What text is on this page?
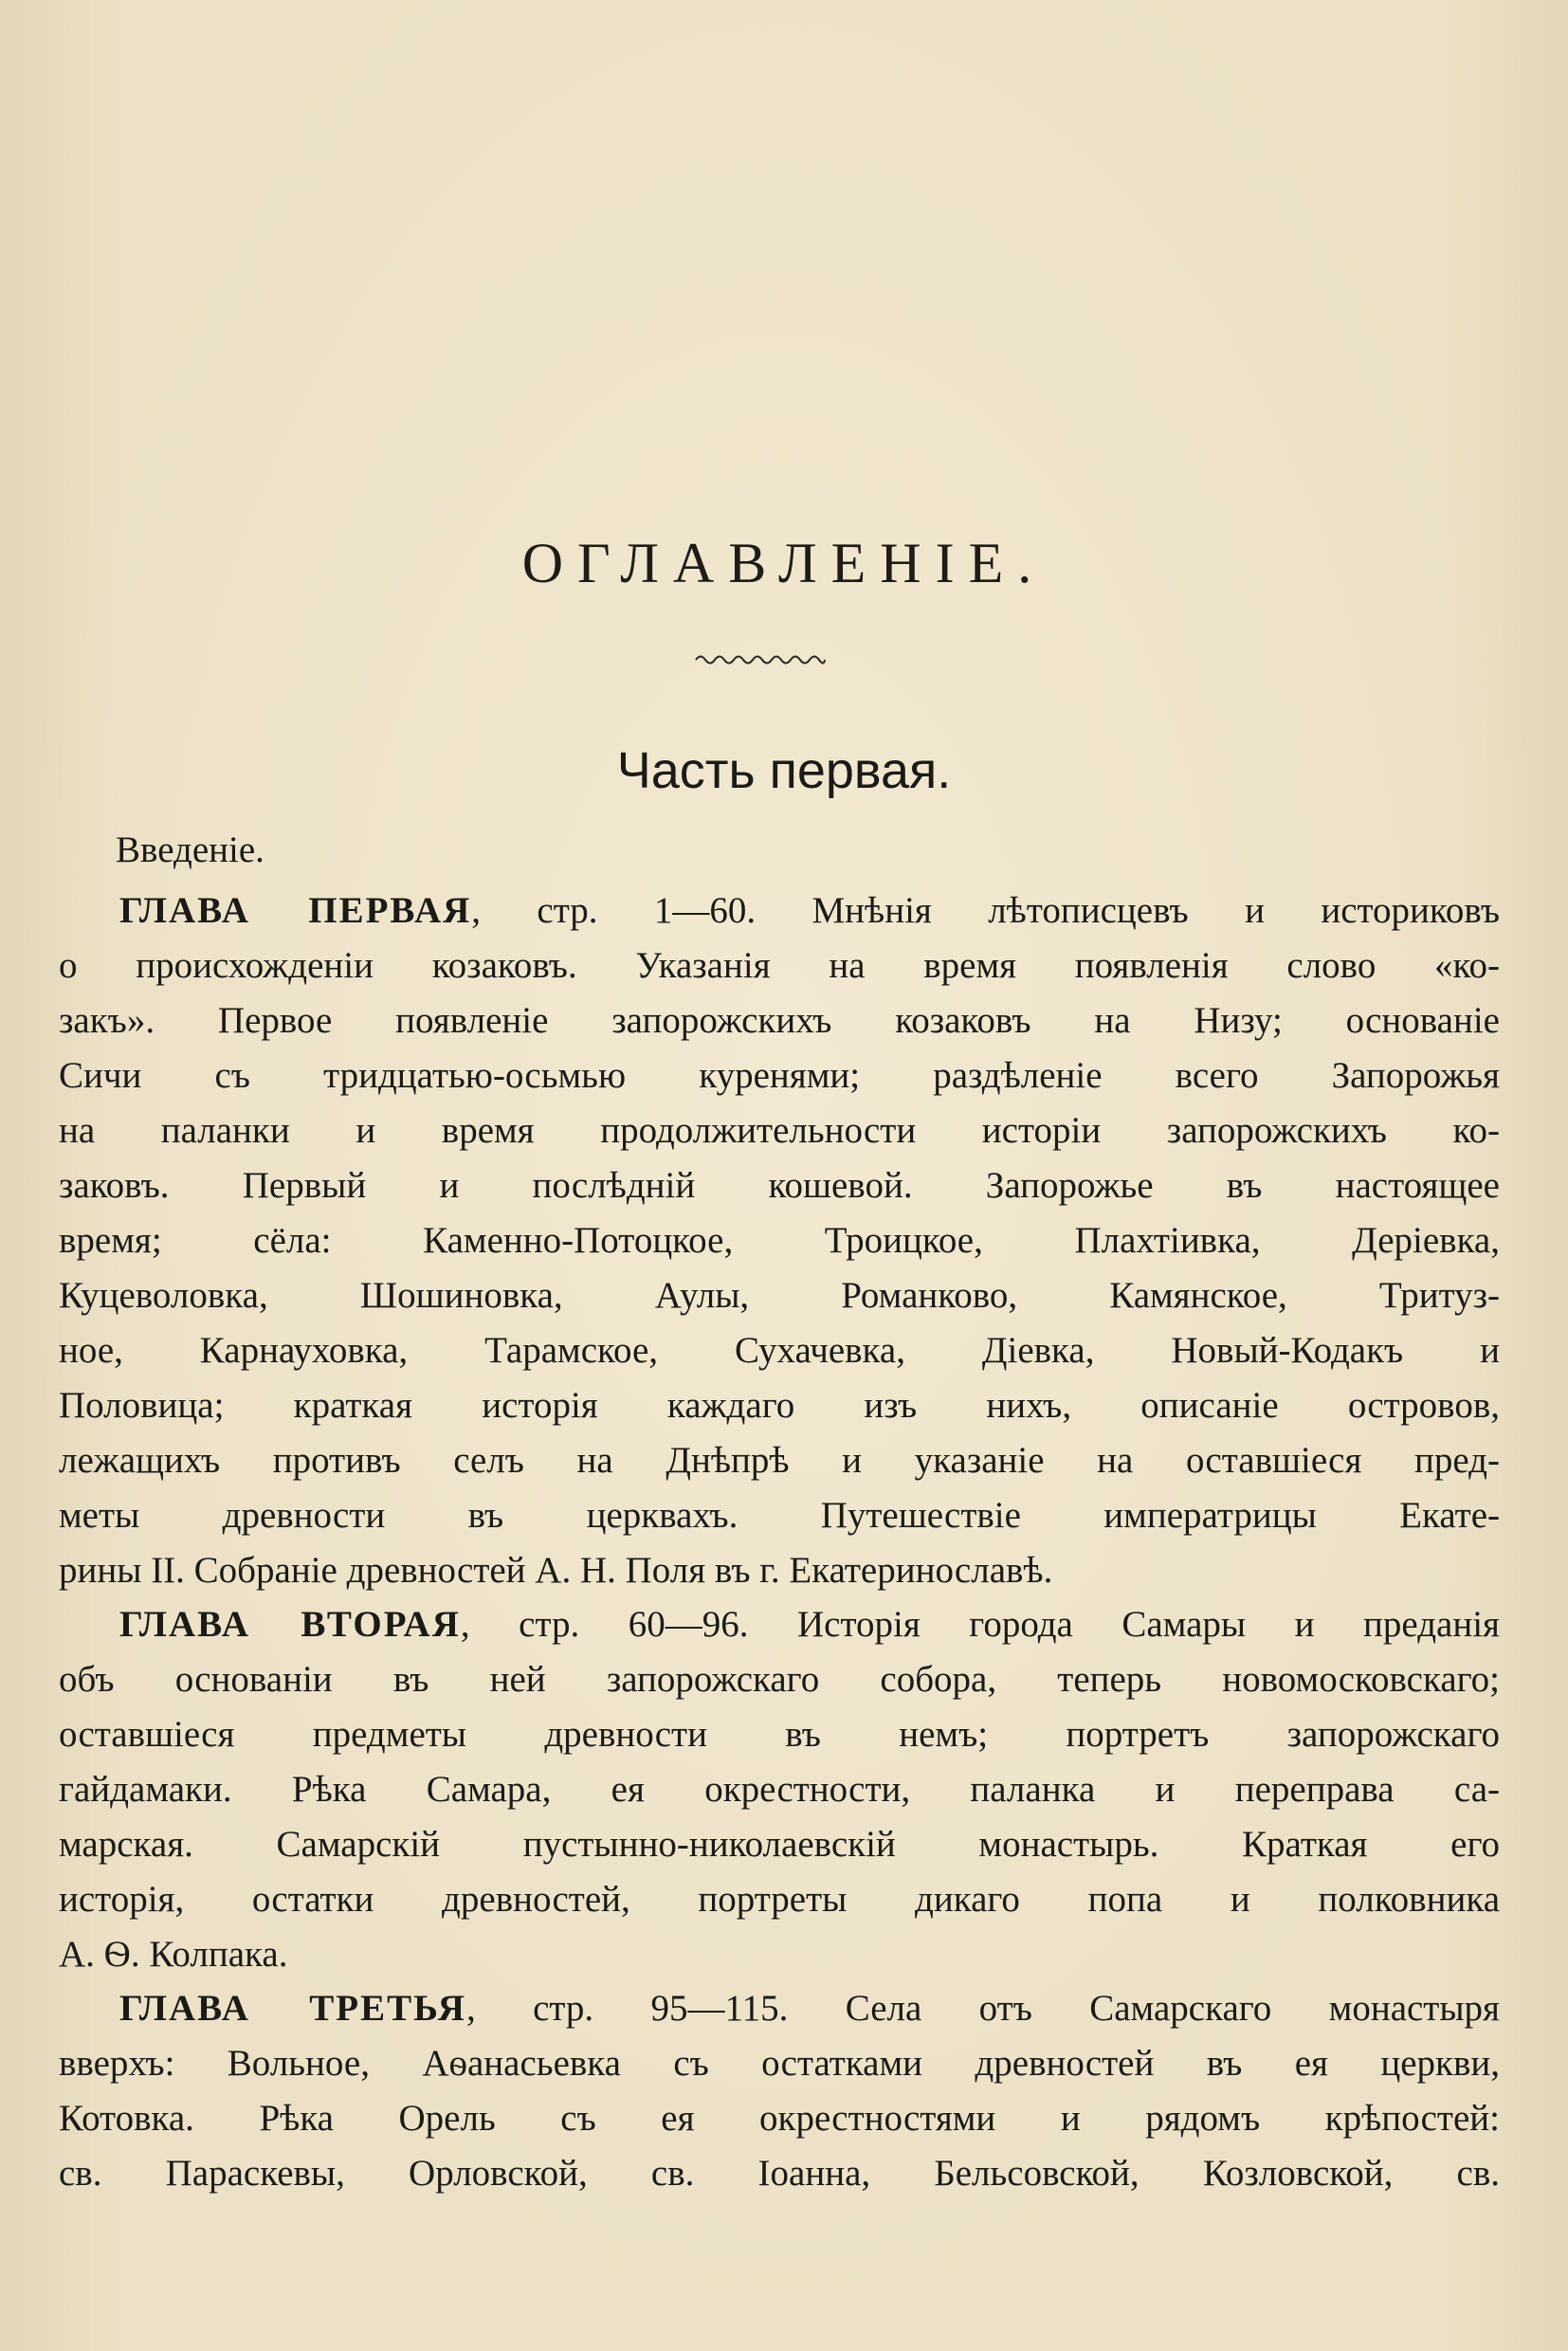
ОГЛАВЛЕНІЕ.
Часть первая.
Введеніе.
ГЛАВА ПЕРВАЯ, стр. 1—60. Мнѣнія лѣтописцевъ и историковъ
о происхожденіи козаковъ. Указанія на время появленія слово «ко-
закъ». Первое появленіе запорожскихъ козаковъ на Низу; основаніе
Сичи съ тридцатью-осьмью куренями; раздѣленіе всего Запорожья
на паланки и время продолжительности исторіи запорожскихъ ко-
заковъ. Первый и послѣдній кошевой. Запорожье въ настоящее
время; сёла: Каменно-Потоцкое, Троицкое, Плахтіивка, Деріевка,
Куцеволовка, Шошиновка, Аулы, Романково, Камянское, Тритуз-
ное, Карнауховка, Тарамское, Сухачевка, Діевка, Новый-Кодакъ и
Половица; краткая исторія каждаго изъ нихъ, описаніе островов,
лежащихъ противъ селъ на Днѣпрѣ и указаніе на оставшіеся пред-
меты древности въ церквахъ. Путешествіе императрицы Екате-
рины II. Собраніе древностей А. Н. Поля въ г. Екатеринославѣ.
ГЛАВА ВТОРАЯ, стр. 60—96. Исторія города Самары и преданія
объ основаніи въ ней запорожскаго собора, теперь новомосковскаго;
оставшіеся предметы древности въ немъ; портретъ запорожскаго
гайдамаки. Рѣка Самара, ея окрестности, паланка и переправа са-
марская. Самарскій пустынно-николаевскій монастырь. Краткая его
исторія, остатки древностей, портреты дикаго попа и полковника
А. Ѳ. Колпака.
ГЛАВА ТРЕТЬЯ, стр. 95—115. Села отъ Самарскаго монастыря
вверхъ: Вольное, Аѳанасьевка съ остатками древностей въ ея церкви,
Котовка. Рѣка Орель съ ея окрестностями и рядомъ крѣпостей:
св. Параскевы, Орловской, св. Іоанна, Бельсовской, Козловской, св.
